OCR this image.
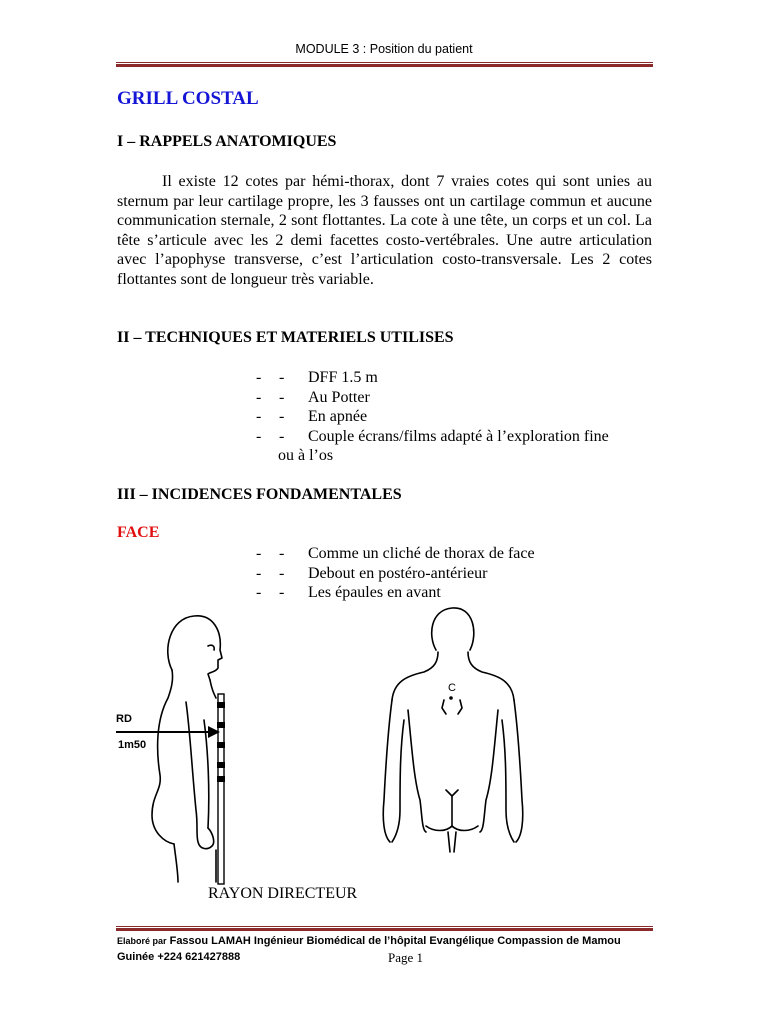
MODULE 3 : Position du patient
GRILL COSTAL
I – RAPPELS ANATOMIQUES

Il existe 12 cotes par hémi-thorax, dont 7 vraies cotes qui sont unies au sternum par leur cartilage propre, les 3 fausses ont un cartilage commun et aucune communication sternale, 2 sont flottantes. La cote à une tête, un corps et un col. La tête s’articule avec les 2 demi facettes costo-vertébrales. Une autre articulation avec l’apophyse transverse, c’est l’articulation costo-transversale. Les 2 cotes flottantes sont de longueur très variable.

II – TECHNIQUES ET MATERIELS UTILISES
- - DFF 1.5 m
- - Au Potter
- - En apnée
- - Couple écrans/films adapté à l’exploration fine
ou à l’os
III – INCIDENCES FONDAMENTALES
FACE
- - Comme un cliché de thorax de face
- - Debout en postéro-antérieur
- - Les épaules en avant
RD
1m50
C
RAYON DIRECTEUR
Elaboré par Fassou LAMAH Ingénieur Biomédical de l’hôpital Evangélique Compassion de Mamou
Guinée +224 621427888	Page 1
